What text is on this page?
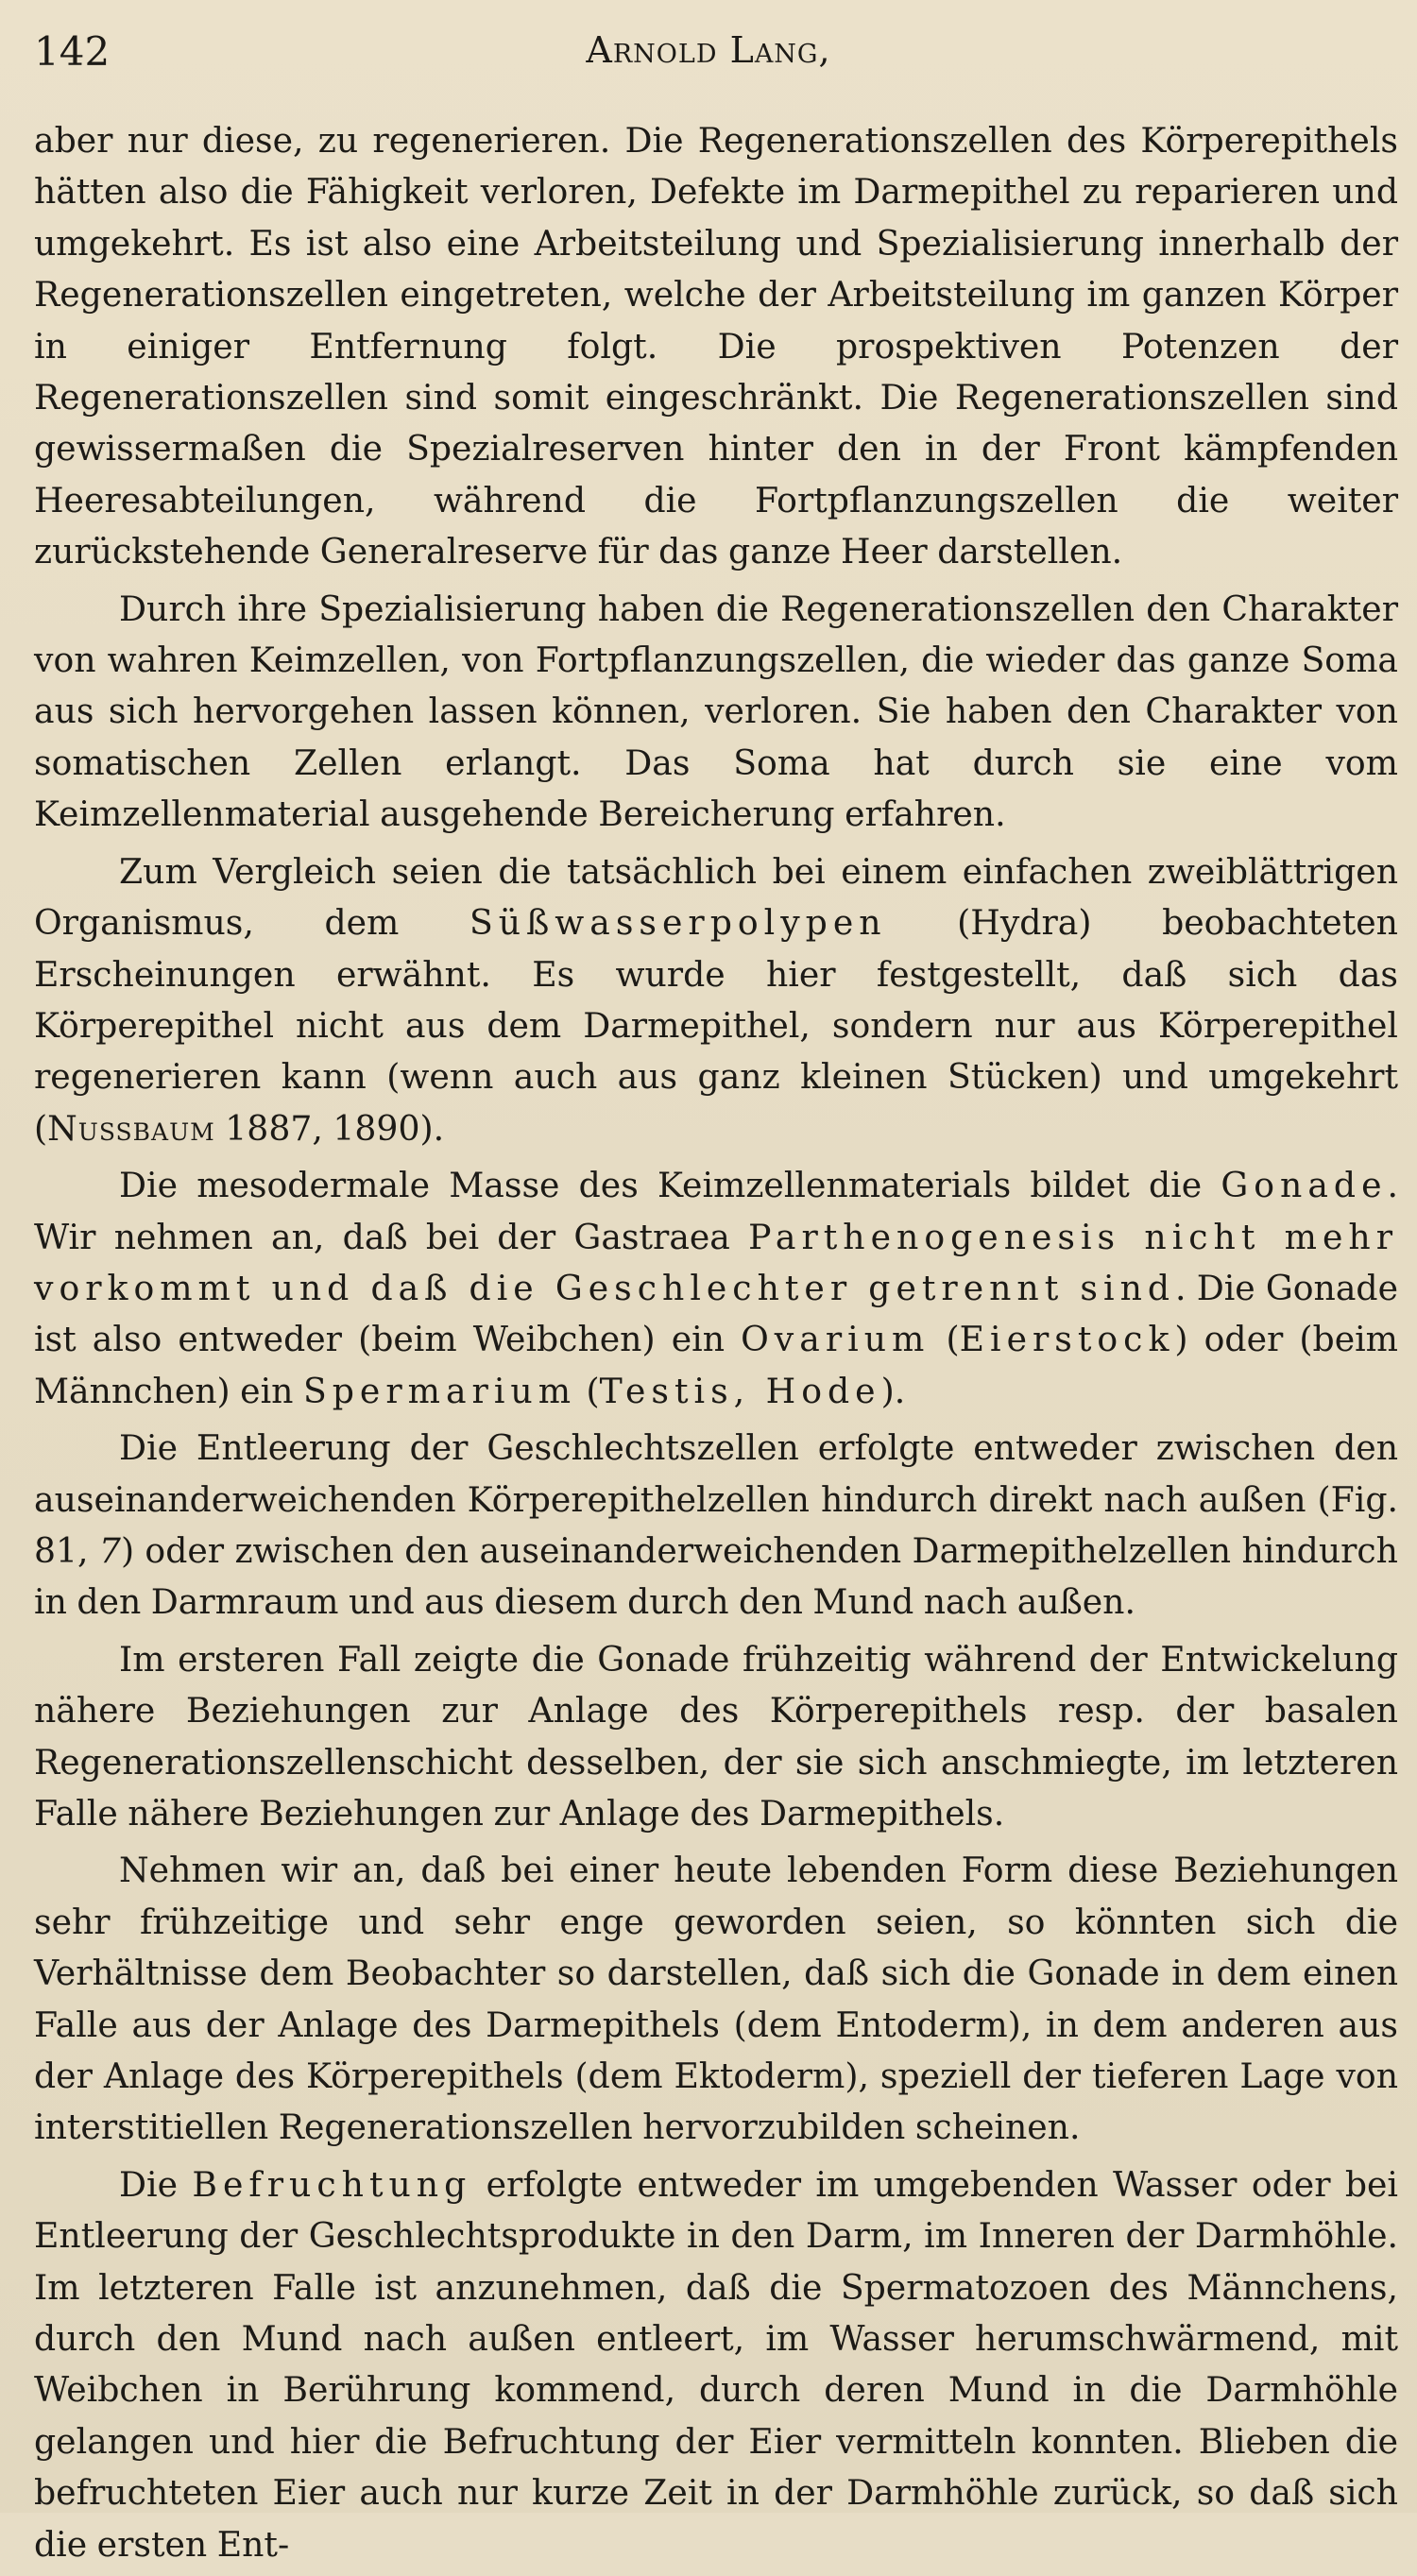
142	Arnold Lang,

aber nur diese, zu regenerieren. Die Regenerationszellen des Körperepithels hätten also die Fähigkeit verloren, Defekte im Darmepithel zu reparieren und umgekehrt. Es ist also eine Arbeitsteilung und Spezialisierung innerhalb der Regenerationszellen eingetreten, welche der Arbeitsteilung im ganzen Körper in einiger Entfernung folgt. Die prospektiven Potenzen der Regenerationszellen sind somit eingeschränkt. Die Regenerationszellen sind gewissermaßen die Spezialreserven hinter den in der Front kämpfenden Heeresabteilungen, während die Fortpflanzungszellen die weiter zurückstehende Generalreserve für das ganze Heer darstellen.

Durch ihre Spezialisierung haben die Regenerationszellen den Charakter von wahren Keimzellen, von Fortpflanzungszellen, die wieder das ganze Soma aus sich hervorgehen lassen können, verloren. Sie haben den Charakter von somatischen Zellen erlangt. Das Soma hat durch sie eine vom Keimzellenmaterial ausgehende Bereicherung erfahren.

Zum Vergleich seien die tatsächlich bei einem einfachen zweiblättrigen Organismus, dem Süßwasserpolypen (Hydra) beobachteten Erscheinungen erwähnt. Es wurde hier festgestellt, daß sich das Körperepithel nicht aus dem Darmepithel, sondern nur aus Körperepithel regenerieren kann (wenn auch aus ganz kleinen Stücken) und umgekehrt (Nussbaum 1887, 1890).

Die mesodermale Masse des Keimzellenmaterials bildet die Gonade. Wir nehmen an, daß bei der Gastraea Parthenogenesis nicht mehr vorkommt und daß die Geschlechter getrennt sind. Die Gonade ist also entweder (beim Weibchen) ein Ovarium (Eierstock) oder (beim Männchen) ein Spermarium (Testis, Hode).

Die Entleerung der Geschlechtszellen erfolgte entweder zwischen den auseinanderweichenden Körperepithelzellen hindurch direkt nach außen (Fig. 81, 7) oder zwischen den auseinanderweichenden Darmepithelzellen hindurch in den Darmraum und aus diesem durch den Mund nach außen.

Im ersteren Fall zeigte die Gonade frühzeitig während der Entwickelung nähere Beziehungen zur Anlage des Körperepithels resp. der basalen Regenerationszellenschicht desselben, der sie sich anschmiegte, im letzteren Falle nähere Beziehungen zur Anlage des Darmepithels.

Nehmen wir an, daß bei einer heute lebenden Form diese Beziehungen sehr frühzeitige und sehr enge geworden seien, so könnten sich die Verhältnisse dem Beobachter so darstellen, daß sich die Gonade in dem einen Falle aus der Anlage des Darmepithels (dem Entoderm), in dem anderen aus der Anlage des Körperepithels (dem Ektoderm), speziell der tieferen Lage von interstitiellen Regenerationszellen hervorzubilden scheinen.

Die Befruchtung erfolgte entweder im umgebenden Wasser oder bei Entleerung der Geschlechtsprodukte in den Darm, im Inneren der Darmhöhle. Im letzteren Falle ist anzunehmen, daß die Spermatozoen des Männchens, durch den Mund nach außen entleert, im Wasser herumschwärmend, mit Weibchen in Berührung kommend, durch deren Mund in die Darmhöhle gelangen und hier die Befruchtung der Eier vermitteln konnten. Blieben die befruchteten Eier auch nur kurze Zeit in der Darmhöhle zurück, so daß sich die ersten Ent-
